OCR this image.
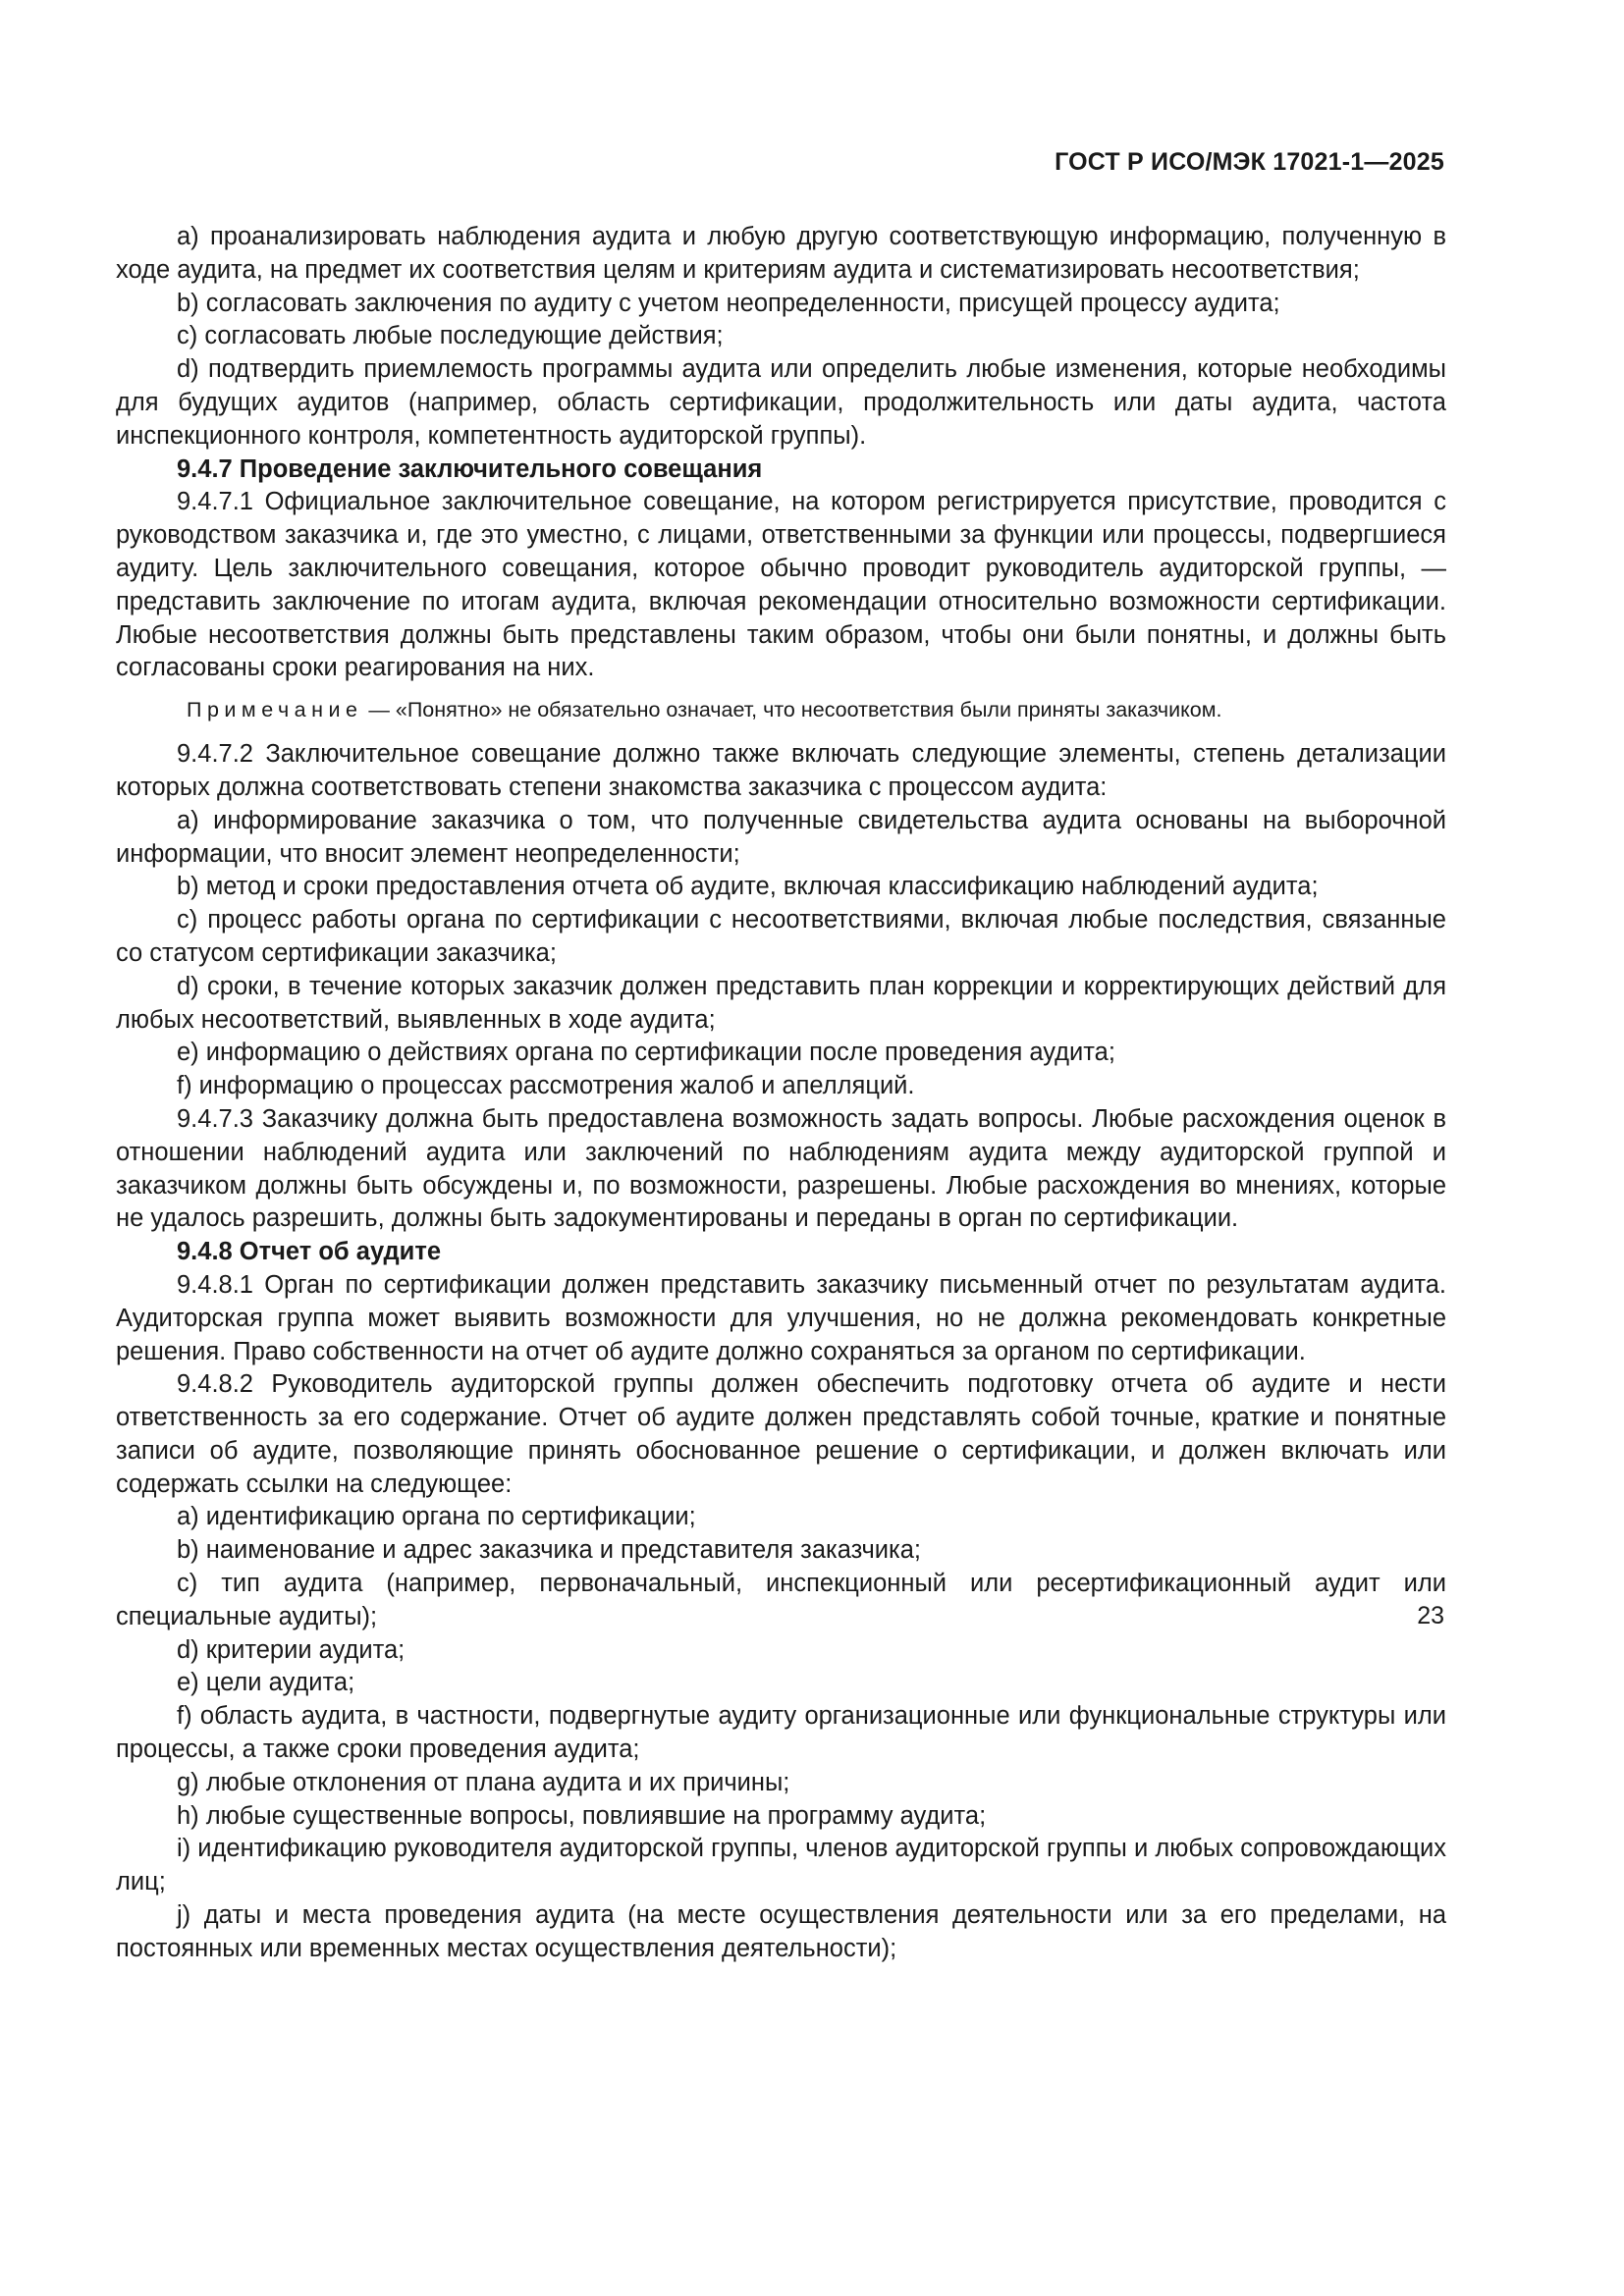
ГОСТ Р ИСО/МЭК 17021-1—2025

a) проанализировать наблюдения аудита и любую другую соответствующую информацию, полученную в ходе аудита, на предмет их соответствия целям и критериям аудита и систематизировать несоответствия;

b) согласовать заключения по аудиту с учетом неопределенности, присущей процессу аудита;

c) согласовать любые последующие действия;

d) подтвердить приемлемость программы аудита или определить любые изменения, которые необходимы для будущих аудитов (например, область сертификации, продолжительность или даты аудита, частота инспекционного контроля, компетентность аудиторской группы).

9.4.7 Проведение заключительного совещания

9.4.7.1 Официальное заключительное совещание, на котором регистрируется присутствие, проводится с руководством заказчика и, где это уместно, с лицами, ответственными за функции или процессы, подвергшиеся аудиту. Цель заключительного совещания, которое обычно проводит руководитель аудиторской группы, — представить заключение по итогам аудита, включая рекомендации относительно возможности сертификации. Любые несоответствия должны быть представлены таким образом, чтобы они были понятны, и должны быть согласованы сроки реагирования на них.

Примечание — «Понятно» не обязательно означает, что несоответствия были приняты заказчиком.

9.4.7.2 Заключительное совещание должно также включать следующие элементы, степень детализации которых должна соответствовать степени знакомства заказчика с процессом аудита:

a) информирование заказчика о том, что полученные свидетельства аудита основаны на выборочной информации, что вносит элемент неопределенности;

b) метод и сроки предоставления отчета об аудите, включая классификацию наблюдений аудита;

c) процесс работы органа по сертификации с несоответствиями, включая любые последствия, связанные со статусом сертификации заказчика;

d) сроки, в течение которых заказчик должен представить план коррекции и корректирующих действий для любых несоответствий, выявленных в ходе аудита;

e) информацию о действиях органа по сертификации после проведения аудита;

f) информацию о процессах рассмотрения жалоб и апелляций.

9.4.7.3 Заказчику должна быть предоставлена возможность задать вопросы. Любые расхождения оценок в отношении наблюдений аудита или заключений по наблюдениям аудита между аудиторской группой и заказчиком должны быть обсуждены и, по возможности, разрешены. Любые расхождения во мнениях, которые не удалось разрешить, должны быть задокументированы и переданы в орган по сертификации.

9.4.8 Отчет об аудите

9.4.8.1 Орган по сертификации должен представить заказчику письменный отчет по результатам аудита. Аудиторская группа может выявить возможности для улучшения, но не должна рекомендовать конкретные решения. Право собственности на отчет об аудите должно сохраняться за органом по сертификации.

9.4.8.2 Руководитель аудиторской группы должен обеспечить подготовку отчета об аудите и нести ответственность за его содержание. Отчет об аудите должен представлять собой точные, краткие и понятные записи об аудите, позволяющие принять обоснованное решение о сертификации, и должен включать или содержать ссылки на следующее:

a) идентификацию органа по сертификации;

b) наименование и адрес заказчика и представителя заказчика;

c) тип аудита (например, первоначальный, инспекционный или ресертификационный аудит или специальные аудиты);

d) критерии аудита;

e) цели аудита;

f) область аудита, в частности, подвергнутые аудиту организационные или функциональные структуры или процессы, а также сроки проведения аудита;

g) любые отклонения от плана аудита и их причины;

h) любые существенные вопросы, повлиявшие на программу аудита;

i) идентификацию руководителя аудиторской группы, членов аудиторской группы и любых сопровождающих лиц;

j) даты и места проведения аудита (на месте осуществления деятельности или за его пределами, на постоянных или временных местах осуществления деятельности);

23
